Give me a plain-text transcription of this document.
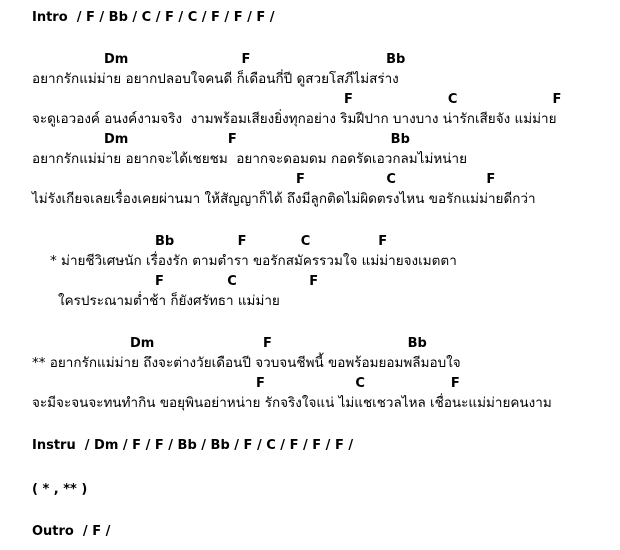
Intro  / F / Bb / C / F / C / F / F / F /
Dm                         F                              Bb
อยากรักแม่ม่าย อยากปลอบใจคนดี ก็เดือนกี่ปี ดูสวยโสภีไม่สร่าง
F                     C                     F
จะดูเอวองค์ อนงค์งามจริง  งามพร้อมเสียงยิ่งทุกอย่าง ริมฝีปาก บางบาง น่ารักเสียจัง แม่ม่าย
Dm                      F                                  Bb
อยากรักแม่ม่าย อยากจะได้เชยชม  อยากจะดอมดม กอดรัดเอวกลมไม่หน่าย
F                  C                    F
ไม่รังเกียจเลยเรื่องเคยผ่านมา ให้สัญญาก็ได้ ถึงมีลูกติดไม่ผิดตรงไหน ขอรักแม่ม่ายดีกว่า
Bb              F            C               F
* ม่ายชีวิเศษนัก เรื่องรัก ตามตำรา ขอรักสมัครรวมใจ แม่ม่ายจงเมตตา
F              C                F
ใครประณามต่ำช้า ก็ยังศรัทธา แม่ม่าย
Dm                        F                              Bb
** อยากรักแม่ม่าย ถึงจะต่างวัยเดือนปี จวบจนชีพนี้ ขอพร้อมยอมพลีมอบใจ
F                    C                   F
จะมีจะจนจะทนทำกิน ขอยุพินอย่าหน่าย รักจริงใจแน่ ไม่แชเชวลไหล เชื่อนะแม่ม่ายคนงาม
Instru  / Dm / F / F / Bb / Bb / F / C / F / F / F /
( * , ** )
Outro  / F /
